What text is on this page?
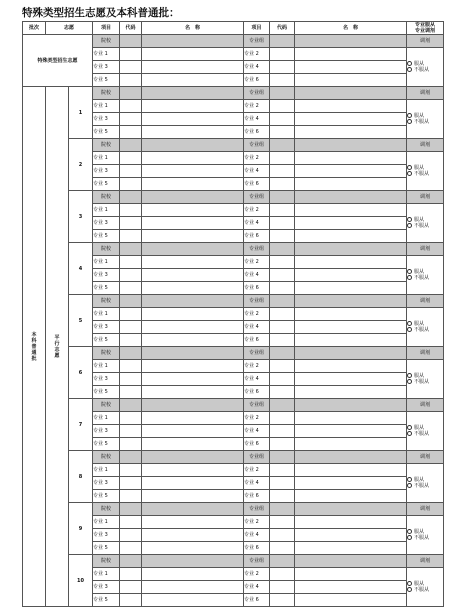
特殊类型招生志愿及本科普通批：
批次	志愿		项目	代码	名　称	项目	代码	名　称	专业服从
专业调剂

特殊类型招生志愿			院校			专业组			调剂
			专业 1			专业 2			服从
不服从

			专业 3			专业 4			
			专业 5			专业 6			
本科普通批	平行志愿	1	院校			专业组			调剂
			专业 1			专业 2			服从
不服从

			专业 3			专业 4			
			专业 5			专业 6			
		2	院校			专业组			调剂
			专业 1			专业 2			服从
不服从

			专业 3			专业 4			
			专业 5			专业 6			
		3	院校			专业组			调剂
			专业 1			专业 2			服从
不服从

			专业 3			专业 4			
			专业 5			专业 6			
		4	院校			专业组			调剂
			专业 1			专业 2			服从
不服从

			专业 3			专业 4			
			专业 5			专业 6			
		5	院校			专业组			调剂
			专业 1			专业 2			服从
不服从

			专业 3			专业 4			
			专业 5			专业 6			
		6	院校			专业组			调剂
			专业 1			专业 2			服从
不服从

			专业 3			专业 4			
			专业 5			专业 6			
		7	院校			专业组			调剂
			专业 1			专业 2			服从
不服从

			专业 3			专业 4			
			专业 5			专业 6			
		8	院校			专业组			调剂
			专业 1			专业 2			服从
不服从

			专业 3			专业 4			
			专业 5			专业 6			
		9	院校			专业组			调剂
			专业 1			专业 2			服从
不服从

			专业 3			专业 4			
			专业 5			专业 6			
		10	院校			专业组			调剂
			专业 1			专业 2			服从
不服从

			专业 3			专业 4			
			专业 5			专业 6			
